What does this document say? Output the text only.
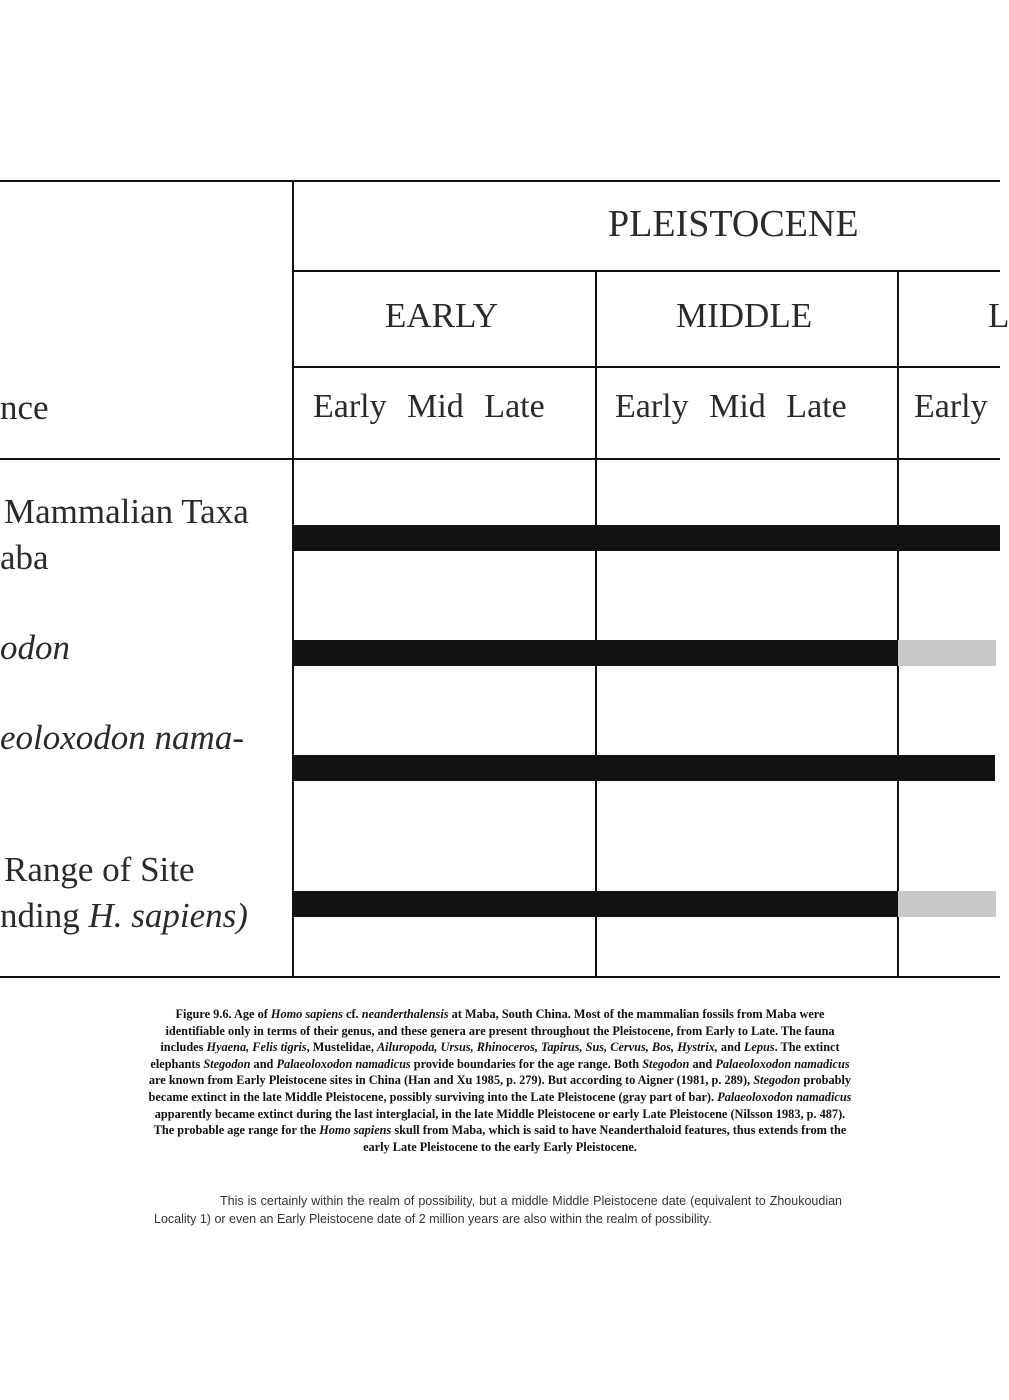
PLEISTOCENE
EARLY	MIDDLE	L
Early Mid Late Early Mid Late Early
nce
Mammalian Taxa
aba
odon
eoloxodon nama-
Range of Site
nding H. sapiens)

Figure 9.6. Age of Homo sapiens cf. neanderthalensis at Maba, South China. Most of the mammalian fossils from Maba were identifiable only in terms of their genus, and these genera are present throughout the Pleistocene, from Early to Late. The fauna includes Hyaena, Felis tigris, Mustelidae, Ailuropoda, Ursus, Rhinoceros, Tapirus, Sus, Cervus, Bos, Hystrix, and Lepus. The extinct elephants Stegodon and Palaeoloxodon namadicus provide boundaries for the age range. Both Stegodon and Palaeoloxodon namadicus are known from Early Pleistocene sites in China (Han and Xu 1985, p. 279). But according to Aigner (1981, p. 289), Stegodon probably became extinct in the late Middle Pleistocene, possibly surviving into the Late Pleistocene (gray part of bar). Palaeoloxodon namadicus apparently became extinct during the last interglacial, in the late Middle Pleistocene or early Late Pleistocene (Nilsson 1983, p. 487). The probable age range for the Homo sapiens skull from Maba, which is said to have Neanderthaloid features, thus extends from the early Late Pleistocene to the early Early Pleistocene.

This is certainly within the realm of possibility, but a middle Middle Pleistocene date (equivalent to Zhoukoudian Locality 1) or even an Early Pleistocene date of 2 million years are also within the realm of possibility.
